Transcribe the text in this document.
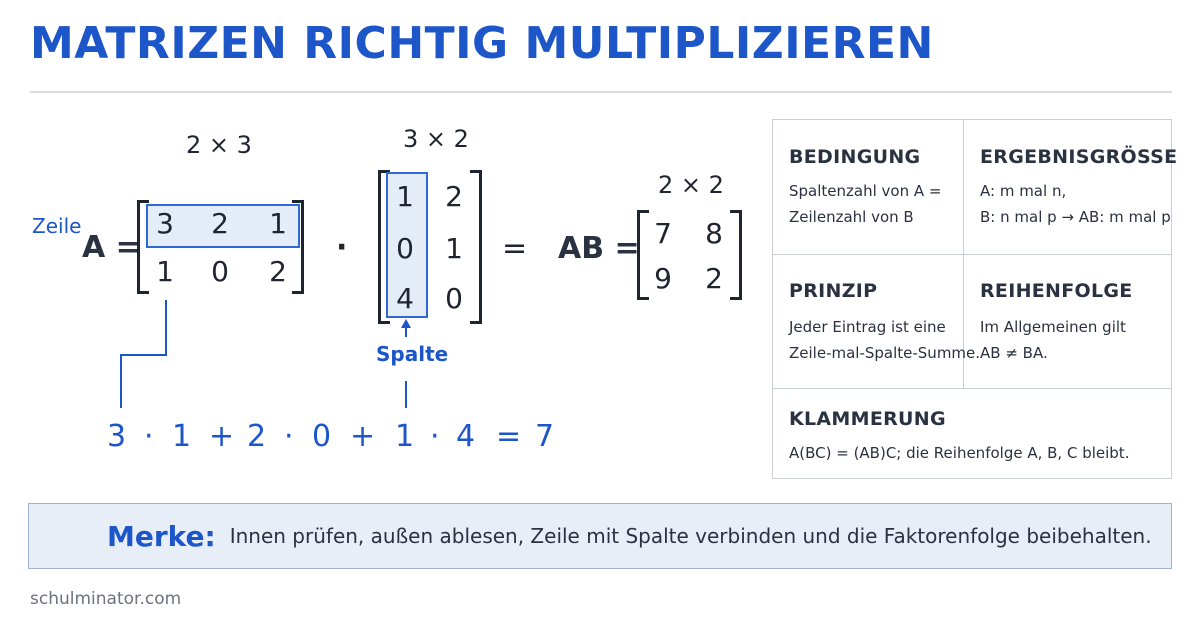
MATRIZEN RICHTIG MULTIPLIZIEREN
2 × 3
Zeile
A =
3	2	1
1	0	2
·
3 × 2
1	2
0	1
4	0
Spalte
=
2 × 2
AB = 7	8
9	2
3 · 1 + 2 · 0 + 1 · 4 = 7
BEDINGUNG
Spaltenzahl von A =
Zeilenzahl von B
ERGEBNISGRÖSSE
A: m mal n,
B: n mal p → AB: m mal p
PRINZIP
Jeder Eintrag ist eine
Zeile-mal-Spalte-Summe.
REIHENFOLGE
Im Allgemeinen gilt
AB ≠ BA.
KLAMMERUNG
A(BC) = (AB)C; die Reihenfolge A, B, C bleibt.
Merke: Innen prüfen, außen ablesen, Zeile mit Spalte verbinden und die Faktorenfolge beibehalten.
schulminator.com
